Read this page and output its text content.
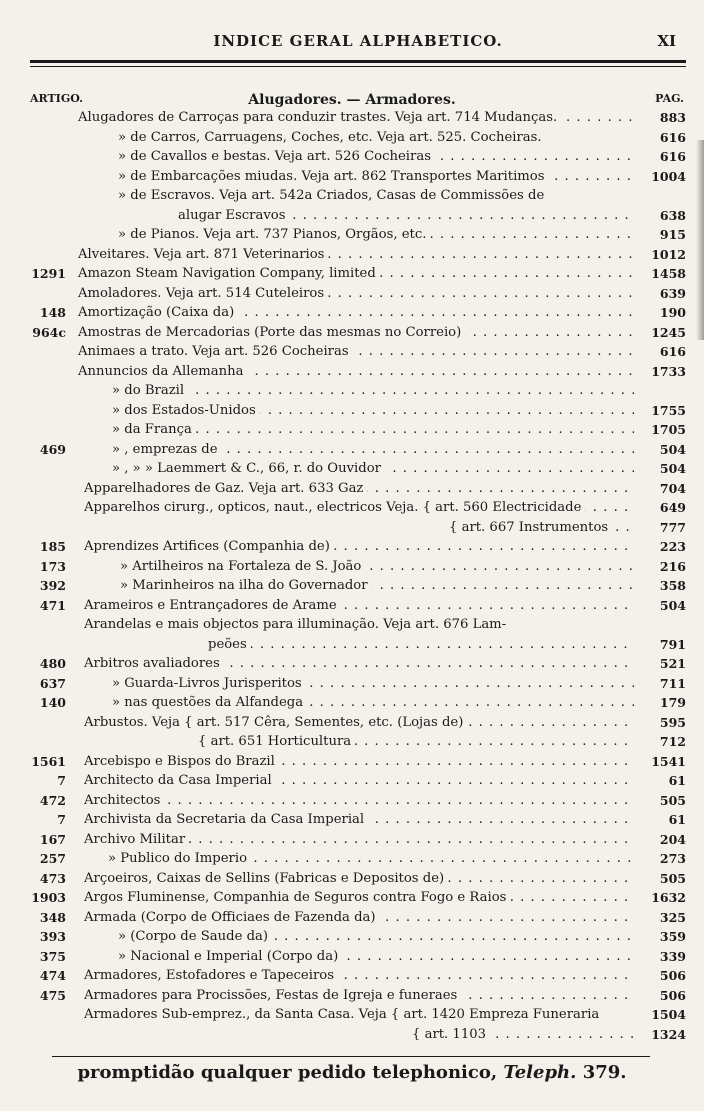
INDICE GERAL ALPHABETICO.	XI
ARTIGO.	Alugadores. — Armadores.	PAG.
Alugadores de Carroças para conduzir trastes. Veja art. 714 Mudanças. . . .	883
» de Carros, Carruagens, Coches, etc. Veja art. 525. Cocheiras.	616
» de Cavallos e bestas. Veja art. 526 Cocheiras . . .	616
» de Embarcações miudas. Veja art. 862 Transportes Maritimos . . .	1004
» de Escravos. Veja art. 542a Criados, Casas de Commissões de
alugar Escravos . . .	638
» de Pianos. Veja art. 737 Pianos, Orgãos, etc. . . .	915
Alveitares. Veja art. 871 Veterinarios . . .	1012
1291 Amazon Steam Navigation Company, limited . . .	1458
Amoladores. Veja art. 514 Cuteleiros . . .	639
148 Amortização (Caixa da) . . .	190
964c Amostras de Mercadorias (Porte das mesmas no Correio) . . .	1245
Animaes a trato. Veja art. 526 Cocheiras . . .	616
Annuncios da Allemanha . . .	1733
» do Brazil . . .
» dos Estados-Unidos . . .	1755
» da França . . .	1705
469	» , emprezas de . . .	504
» , » » Laemmert & C., 66, r. do Ouvidor . . .	504
Apparelhadores de Gaz. Veja art. 633 Gaz . . .	704
Apparelhos cirurg., opticos, naut., electricos Veja. { art. 560 Electricidade . . .	649
{ art. 667 Instrumentos . . .	777
185 Aprendizes Artifices (Companhia de) . . .	223
173	» Artilheiros na Fortaleza de S. João . . .	216
392	» Marinheiros na ilha do Governador . . .	358
471 Arameiros e Entrançadores de Arame . . .	504
Arandelas e mais objectos para illuminação. Veja art. 676 Lam-
peões . . .	791
480 Arbitros avaliadores . . .	521
637	» Guarda-Livros Jurisperitos . . .	711
140	» nas questões da Alfandega . . .	179
Arbustos. Veja { art. 517 Cêra, Sementes, etc. (Lojas de) . . .	595
{ art. 651 Horticultura . . .	712
1561 Arcebispo e Bispos do Brazil . . .	1541
7 Architecto da Casa Imperial . . .	61
472 Architectos . . .	505
7 Archivista da Secretaria da Casa Imperial . . .	61
167 Archivo Militar . . .	204
257	» Publico do Imperio . . .	273
473 Arçoeiros, Caixas de Sellins (Fabricas e Depositos de) . . .	505
1903 Argos Fluminense, Companhia de Seguros contra Fogo e Raios . . .	1632
348 Armada (Corpo de Officiaes de Fazenda da) . . .	325
393	» (Corpo de Saude da) . . .	359
375	» Nacional e Imperial (Corpo da) . . .	339
474 Armadores, Estofadores e Tapeceiros . . .	506
475 Armadores para Procissões, Festas de Igreja e funeraes . . .	506
Armadores Sub-emprez., da Santa Casa. Veja { art. 1420 Empreza Funeraria	1504
{ art. 1103 . . .	1324
promptidão qualquer pedido telephonico, Teleph. 379.
